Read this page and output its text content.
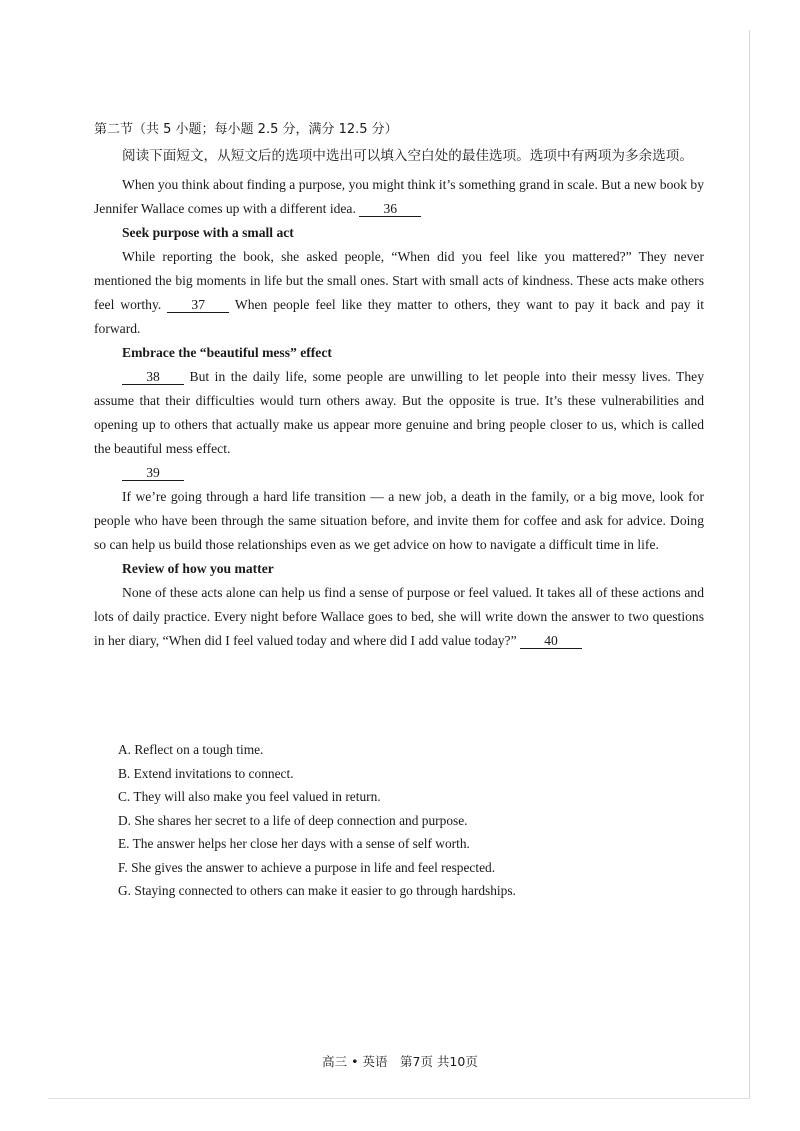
第二节（共 5 小题；每小题 2.5 分，满分 12.5 分）

阅读下面短文，从短文后的选项中选出可以填入空白处的最佳选项。选项中有两项为多余选项。

When you think about finding a purpose, you might think it’s something grand in scale. But a new book by Jennifer Wallace comes up with a different idea. 36

Seek purpose with a small act

While reporting the book, she asked people, “When did you feel like you mattered?” They never mentioned the big moments in life but the small ones. Start with small acts of kindness. These acts make others feel worthy. 37 When people feel like they matter to others, they want to pay it back and pay it forward.

Embrace the “beautiful mess” effect

38 But in the daily life, some people are unwilling to let people into their messy lives. They assume that their difficulties would turn others away. But the opposite is true. It’s these vulnerabilities and opening up to others that actually make us appear more genuine and bring people closer to us, which is called the beautiful mess effect.

39

If we’re going through a hard life transition — a new job, a death in the family, or a big move, look for people who have been through the same situation before, and invite them for coffee and ask for advice. Doing so can help us build those relationships even as we get advice on how to navigate a difficult time in life.

Review of how you matter

None of these acts alone can help us find a sense of purpose or feel valued. It takes all of these actions and lots of daily practice. Every night before Wallace goes to bed, she will write down the answer to two questions in her diary, “When did I feel valued today and where did I add value today?” 40

A. Reflect on a tough time.
B. Extend invitations to connect.
C. They will also make you feel valued in return.
D. She shares her secret to a life of deep connection and purpose.
E. The answer helps her close her days with a sense of self worth.
F. She gives the answer to achieve a purpose in life and feel respected.
G. Staying connected to others can make it easier to go through hardships.
高三 • 英语　第7页 共10页
